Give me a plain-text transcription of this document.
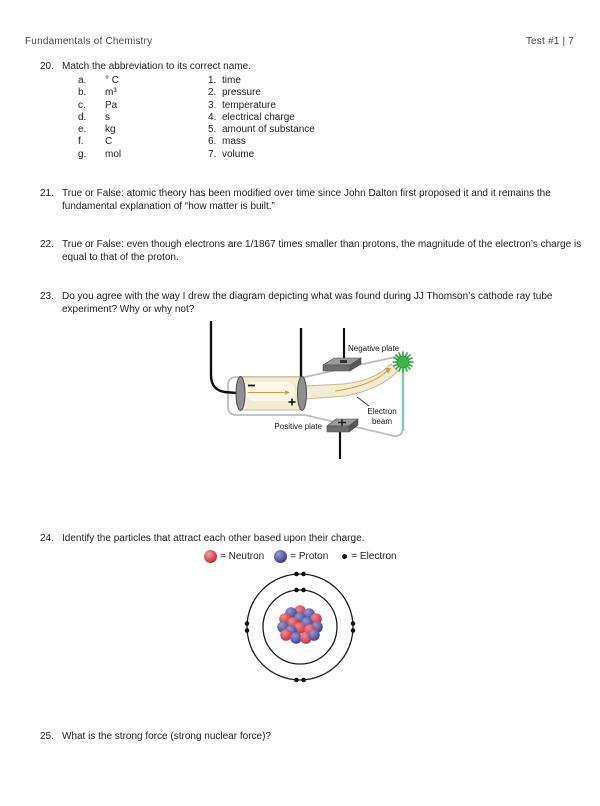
Fundamentals of Chemistry	Test #1 | 7
20. Match the abbreviation to its correct name.
a.	° C	1. time
b.	m³	2. pressure
c.	Pa	3. temperature
d.	s	4. electrical charge
e.	kg	5. amount of substance
f.	C	6. mass
g.	mol	7. volume
21. True or False: atomic theory has been modified over time since John Dalton first proposed it and it remains the fundamental explanation of “how matter is built.”
22. True or False: even though electrons are 1/1867 times smaller than protons, the magnitude of the electron’s charge is equal to that of the proton.
23. Do you agree with the way I drew the diagram depicting what was found during JJ Thomson’s cathode ray tube experiment? Why or why not?
Negative plate
Positive plate
Electron
beam
24. Identify the particles that attract each other based upon their charge.
= Neutron	= Proton = Electron
25. What is the strong force (strong nuclear force)?
